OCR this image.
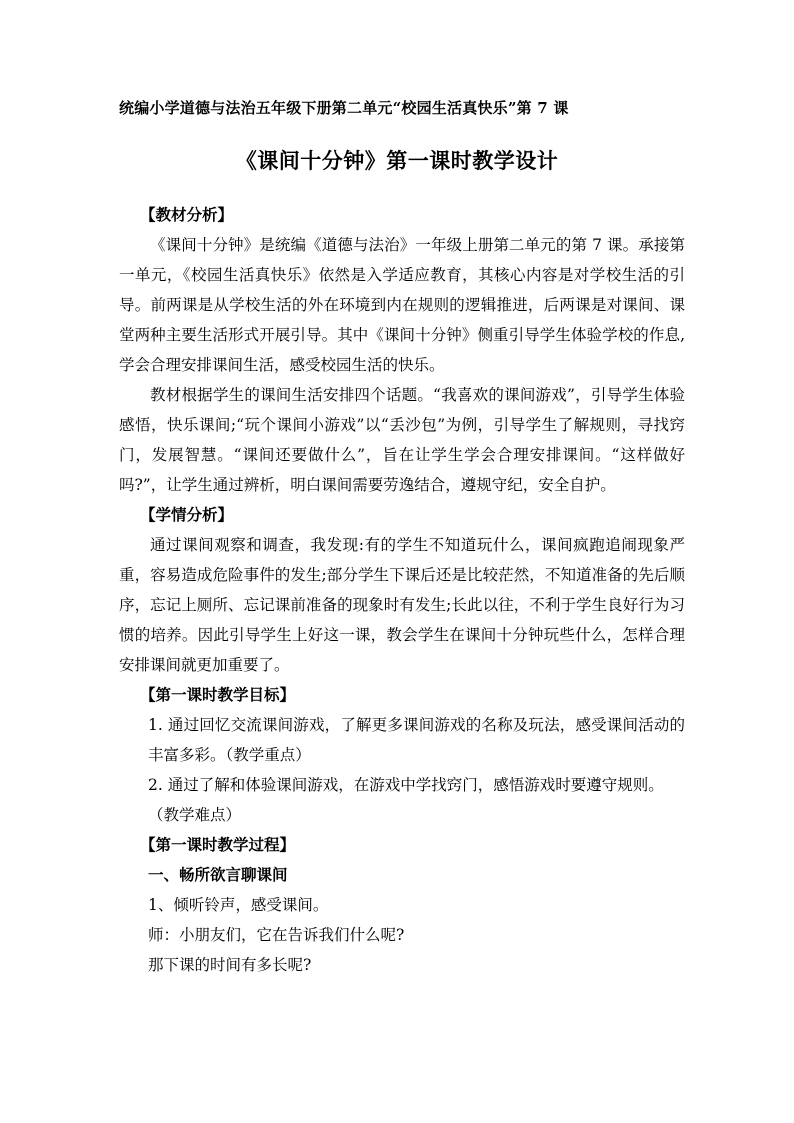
统编小学道德与法治五年级下册第二单元“校园生活真快乐”第 7 课
《课间十分钟》第一课时教学设计
【教材分析】

《课间十分钟》是统编《道德与法治》一年级上册第二单元的第 7 课。承接第一单元，《校园生活真快乐》依然是入学适应教育，其核心内容是对学校生活的引导。前两课是从学校生活的外在环境到内在规则的逻辑推进，后两课是对课间、课堂两种主要生活形式开展引导。其中《课间十分钟》侧重引导学生体验学校的作息,学会合理安排课间生活，感受校园生活的快乐。

教材根据学生的课间生活安排四个话题。“我喜欢的课间游戏”，引导学生体验感悟，快乐课间;“玩个课间小游戏”以“丢沙包”为例，引导学生了解规则，寻找窍门，发展智慧。“课间还要做什么”，旨在让学生学会合理安排课间。“这样做好吗?”，让学生通过辨析，明白课间需要劳逸结合，遵规守纪，安全自护。

【学情分析】

通过课间观察和调查，我发现:有的学生不知道玩什么，课间疯跑追闹现象严重，容易造成危险事件的发生;部分学生下课后还是比较茫然，不知道准备的先后顺序，忘记上厕所、忘记课前准备的现象时有发生;长此以往，不利于学生良好行为习惯的培养。因此引导学生上好这一课，教会学生在课间十分钟玩些什么，怎样合理安排课间就更加重要了。

【第一课时教学目标】

1. 通过回忆交流课间游戏，了解更多课间游戏的名称及玩法，感受课间活动的丰富多彩。（教学重点）

2. 通过了解和体验课间游戏，在游戏中学找窍门，感悟游戏时要遵守规则。

（教学难点）

【第一课时教学过程】
一、畅所欲言聊课间
1、倾听铃声，感受课间。
师：小朋友们，它在告诉我们什么呢?
那下课的时间有多长呢?
